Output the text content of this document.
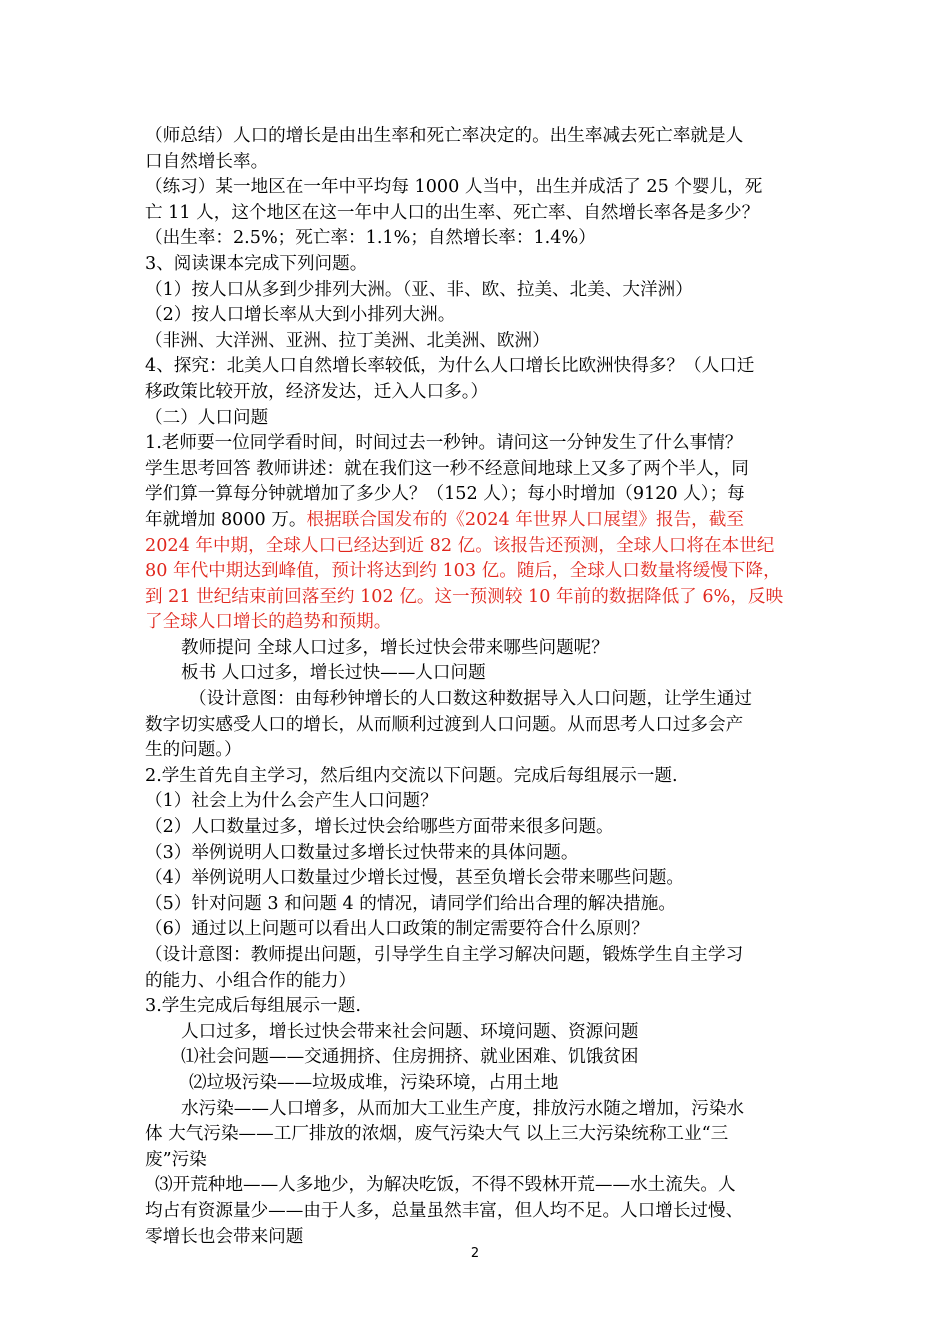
（师总结）人口的增长是由出生率和死亡率决定的。出生率减去死亡率就是人

口自然增长率。

（练习）某一地区在一年中平均每 1000 人当中，出生并成活了 25 个婴儿，死

亡 11 人，这个地区在这一年中人口的出生率、死亡率、自然增长率各是多少？

（出生率：2.5%；死亡率：1.1%；自然增长率：1.4%）

3、阅读课本完成下列问题。

（1）按人口从多到少排列大洲。（亚、非、欧、拉美、北美、大洋洲）

（2）按人口增长率从大到小排列大洲。

（非洲、大洋洲、亚洲、拉丁美洲、北美洲、欧洲）

4、探究：北美人口自然增长率较低，为什么人口增长比欧洲快得多？（人口迁

移政策比较开放，经济发达，迁入人口多。）

（二）人口问题

1.老师要一位同学看时间，时间过去一秒钟。请问这一分钟发生了什么事情？

学生思考回答 教师讲述：就在我们这一秒不经意间地球上又多了两个半人，同

学们算一算每分钟就增加了多少人？（152 人）；每小时增加（9120 人）；每

年就增加 8000 万。根据联合国发布的《2024 年世界人口展望》报告，截至

2024 年中期，全球人口已经达到近 82 亿。该报告还预测，全球人口将在本世纪

80 年代中期达到峰值，预计将达到约 103 亿。随后，全球人口数量将缓慢下降，

到 21 世纪结束前回落至约 102 亿。这一预测较 10 年前的数据降低了 6%，反映

了全球人口增长的趋势和预期。

教师提问 全球人口过多，增长过快会带来哪些问题呢？

板书 人口过多，增长过快——人口问题

（设计意图：由每秒钟增长的人口数这种数据导入人口问题，让学生通过

数字切实感受人口的增长，从而顺利过渡到人口问题。从而思考人口过多会产

生的问题。）

2.学生首先自主学习，然后组内交流以下问题。完成后每组展示一题.

（1）社会上为什么会产生人口问题？

（2）人口数量过多，增长过快会给哪些方面带来很多问题。

（3）举例说明人口数量过多增长过快带来的具体问题。

（4）举例说明人口数量过少增长过慢，甚至负增长会带来哪些问题。

（5）针对问题 3 和问题 4 的情况，请同学们给出合理的解决措施。

（6）通过以上问题可以看出人口政策的制定需要符合什么原则？

（设计意图：教师提出问题，引导学生自主学习解决问题，锻炼学生自主学习

的能力、小组合作的能力）

3.学生完成后每组展示一题.

人口过多，增长过快会带来社会问题、环境问题、资源问题

⑴社会问题——交通拥挤、住房拥挤、就业困难、饥饿贫困

⑵垃圾污染——垃圾成堆，污染环境，占用土地

水污染——人口增多，从而加大工业生产度，排放污水随之增加，污染水

体 大气污染——工厂排放的浓烟，废气污染大气 以上三大污染统称工业“三

废”污染

⑶开荒种地——人多地少，为解决吃饭，不得不毁林开荒——水土流失。人

均占有资源量少——由于人多，总量虽然丰富，但人均不足。人口增长过慢、

零增长也会带来问题

2
